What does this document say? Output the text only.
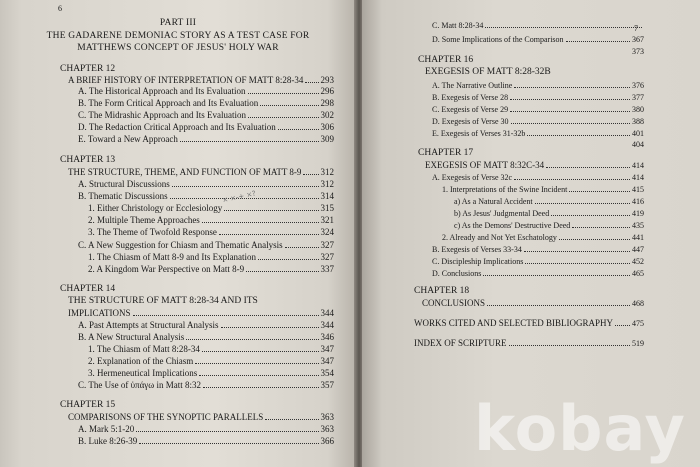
6
PART III
THE GADARENE DEMONIAC STORY AS A TEST CASE FOR
MATTHEWS CONCEPT OF JESUS' HOLY WAR
CHAPTER 12
A BRIEF HISTORY OF INTERPRETATION OF MATT 8:28-34 293
A. The Historical Approach and Its Evaluation	296
B. The Form Critical Approach and Its Evaluation	298
C. The Midrashic Approach and Its Evaluation	302
D. The Redaction Critical Approach and Its Evaluation	306
E. Toward a New Approach	309
CHAPTER 13
THE STRUCTURE, THEME, AND FUNCTION OF MATT 8-9 312
A. Structural Discussions	312
B. Thematic Discussions	314
1. Either Christology or Ecclesiology	315
2. Multiple Theme Approaches	321
3. The Theme of Twofold Response	324
C. A New Suggestion for Chiasm and Thematic Analysis	327
1. The Chiasm of Matt 8-9 and Its Explanation	327
2. A Kingdom War Perspective on Matt 8-9	337
CHAPTER 14
THE STRUCTURE OF MATT 8:28-34 AND ITS
IMPLICATIONS	344
A. Past Attempts at Structural Analysis	344
B. A New Structural Analysis	346
1. The Chiasm of Matt 8:28-34	347
2. Explanation of the Chiasm	347
3. Hermeneutical Implications	354
C. The Use of ὑπάγω in Matt 8:32	357
CHAPTER 15
COMPARISONS OF THE SYNOPTIC PARALLELS	363
A. Mark 5:1-20	363
B. Luke 8:26-39	366
× ×-+ ×?
7
C. Matt 8:28-34
D. Some Implications of the Comparison	367
373
CHAPTER 16
EXEGESIS OF MATT 8:28-32B
A. The Narrative Outline	376
B. Exegesis of Verse 28	377
C. Exegesis of Verse 29	380
D. Exegesis of Verse 30	388
E. Exegesis of Verses 31-32b	401
404
CHAPTER 17
EXEGESIS OF MATT 8:32C-34	414
A. Exegesis of Verse 32c	414
1. Interpretations of the Swine Incident	415
a) As a Natural Accident	416
b) As Jesus' Judgmental Deed	419
c) As the Demons' Destructive Deed	435
2. Already and Not Yet Eschatology	441
B. Exegesis of Verses 33-34	447
C. Discipleship Implications	452
D. Conclusions	465
CHAPTER 18
CONCLUSIONS	468
WORKS CITED AND SELECTED BIBLIOGRAPHY 475
INDEX OF SCRIPTURE	519
kobay
